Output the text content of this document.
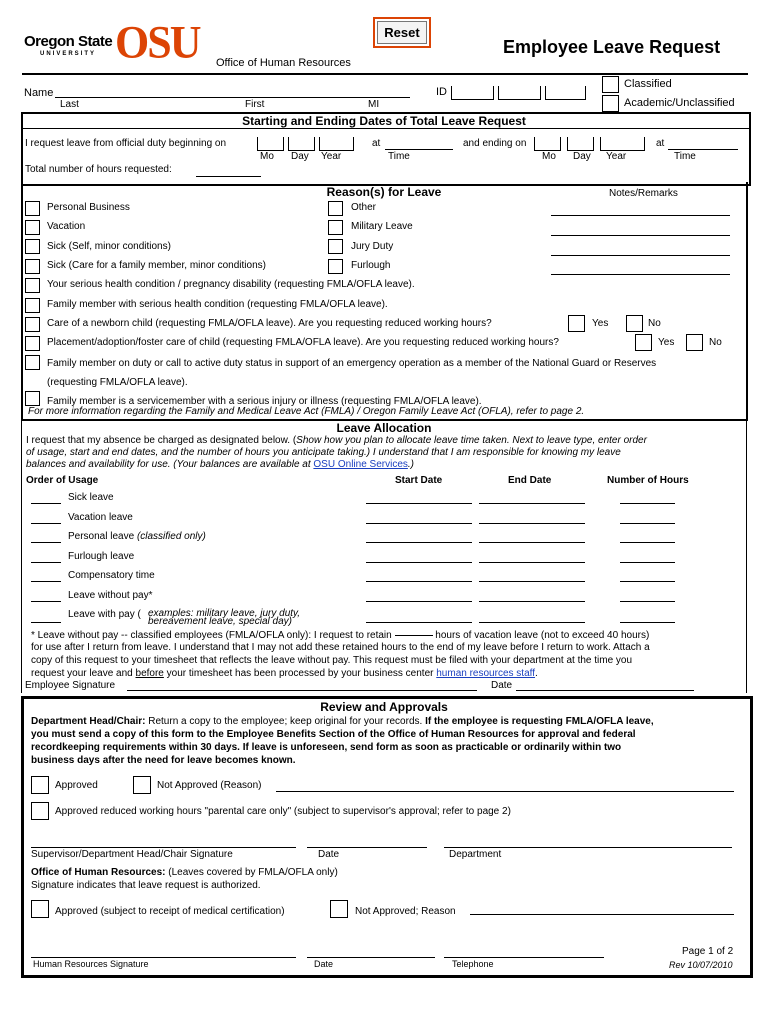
Oregon State
UNIVERSITY OSU Office of Human Resources
Reset
Employee Leave Request
Name
Last	First	MI
ID
Classified
Academic/Unclassified
Starting and Ending Dates of Total Leave Request
I request leave from official duty beginning on
Mo Day Year
at
Time
and ending on
Mo Day Year
at
Time
Total number of hours requested:
Reason(s) for Leave	Notes/Remarks
Personal Business
Vacation
Sick (Self, minor conditions)
Sick (Care for a family member, minor conditions)
Other
Military Leave
Jury Duty
Furlough
Your serious health condition / pregnancy disability (requesting FMLA/OFLA leave).
Family member with serious health condition (requesting FMLA/OFLA leave).
Care of a newborn child (requesting FMLA/OFLA leave). Are you requesting reduced working hours?	Yes	No
Placement/adoption/foster care of child (requesting FMLA/OFLA leave). Are you requesting reduced working hours?	Yes	No
Family member on duty or call to active duty status in support of an emergency operation as a member of the National Guard or Reserves
(requesting FMLA/OFLA leave).
Family member is a servicemember with a serious injury or illness (requesting FMLA/OFLA leave).
For more information regarding the Family and Medical Leave Act (FMLA) / Oregon Family Leave Act (OFLA), refer to page 2.
Leave Allocation
I request that my absence be charged as designated below. (Show how you plan to allocate leave time taken. Next to leave type, enter order
of usage, start and end dates, and the number of hours you anticipate taking.) I understand that I am responsible for knowing my leave
balances and availability for use. (Your balances are available at OSU Online Services.)
Order of Usage	Start Date	End Date	Number of Hours
Sick leave
Vacation leave
Personal leave (classified only)
Furlough leave
Compensatory time
Leave without pay*
Leave with pay ( examples: military leave, jury duty,
bereavement leave, special day)
* Leave without pay -- classified employees (FMLA/OFLA only): I request to retain	hours of vacation leave (not to exceed 40 hours)
for use after I return from leave. I understand that I may not add these retained hours to the end of my leave before I return to work. Attach a
copy of this request to your timesheet that reflects the leave without pay. This request must be filed with your department at the time you
request your leave and before your timesheet has been processed by your business center human resources staff.
Employee Signature	Date
Review and Approvals
Department Head/Chair: Return a copy to the employee; keep original for your records. If the employee is requesting FMLA/OFLA leave,
you must send a copy of this form to the Employee Benefits Section of the Office of Human Resources for approval and federal
recordkeeping requirements within 30 days. If leave is unforeseen, send form as soon as practicable or ordinarily within two
business days after the need for leave becomes known.
Approved	Not Approved (Reason)
Approved reduced working hours "parental care only" (subject to supervisor's approval; refer to page 2)
Supervisor/Department Head/Chair Signature	Date	Department
Office of Human Resources: (Leaves covered by FMLA/OFLA only)
Signature indicates that leave request is authorized.
Approved (subject to receipt of medical certification)	Not Approved; Reason
Human Resources Signature	Date	Telephone
Page 1 of 2
Rev 10/07/2010
